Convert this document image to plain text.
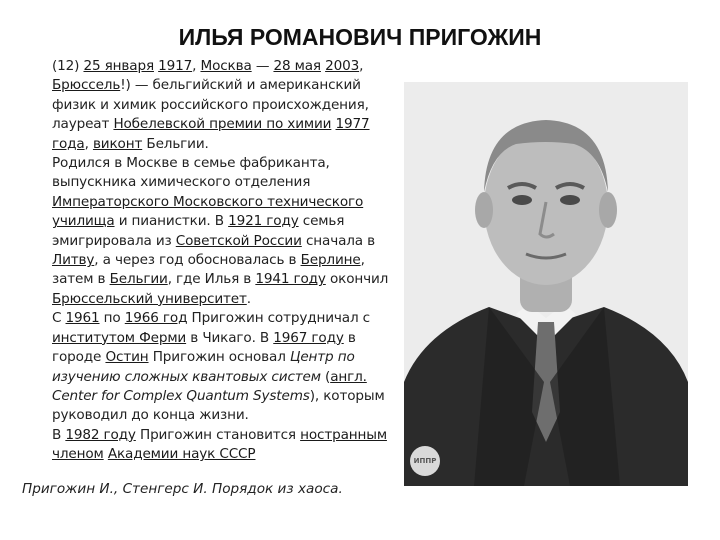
ИЛЬЯ РОМАНОВИЧ ПРИГОЖИН

(12) 25 января 1917, Москва — 28 мая 2003, Брюссель!) — бельгийский и американский физик и химик российского происхождения, лауреат Нобелевской премии по химии 1977 года, виконт Бельгии.

Родился в Москве в семье фабриканта, выпускника химического отделения Императорского Московского технического училища и пианистки. В 1921 году семья эмигрировала из Советской России сначала в Литву, а через год обосновалась в Берлине, затем в Бельгии, где Илья в 1941 году окончил Брюссельский университет.

С 1961 по 1966 год Пригожин сотрудничал с институтом Ферми в Чикаго. В 1967 году в городе Остин Пригожин основал Центр по изучению сложных квантовых систем (англ. Center for Complex Quantum Systems), которым руководил до конца жизни.

В 1982 году Пригожин становится ностранным членом Академии наук СССР

Пригожин И., Стенгерс И. Порядок из хаоса.
ИППР
